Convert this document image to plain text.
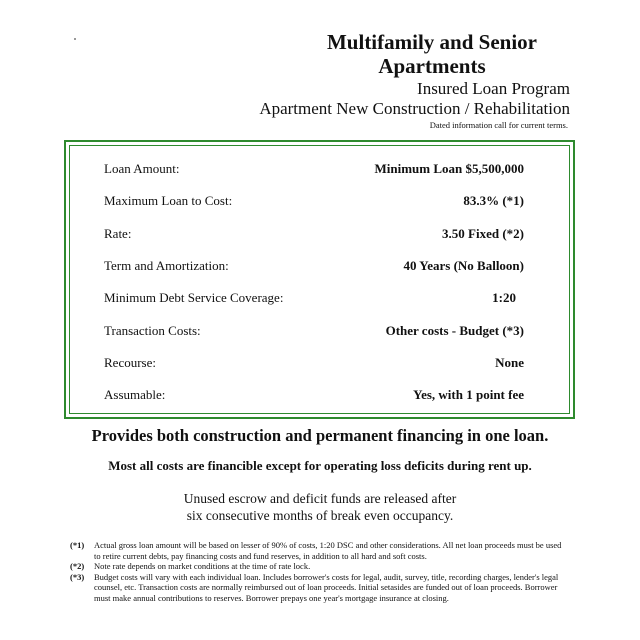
Multifamily and Senior
Apartments
Insured Loan Program
Apartment New Construction / Rehabilitation
Dated information call for current terms.
Loan Amount:	Minimum Loan $5,500,000
Maximum Loan to Cost:	83.3% (*1)
Rate:	3.50 Fixed (*2)
Term and Amortization:	40 Years (No Balloon)
Minimum Debt Service Coverage:	1:20
Transaction Costs:	Other costs - Budget (*3)
Recourse:	None
Assumable:	Yes, with 1 point fee
Provides both construction and permanent financing in one loan.
Most all costs are financible except for operating loss deficits during rent up.
Unused escrow and deficit funds are released after
six consecutive months of break even occupancy.
(*1) Actual gross loan amount will be based on lesser of 90% of costs, 1:20 DSC and other considerations. All net loan proceeds must be used to retire current debts, pay financing costs and fund reserves, in addition to all hard and soft costs.
(*2) Note rate depends on market conditions at the time of rate lock.
(*3) Budget costs will vary with each individual loan. Includes borrower's costs for legal, audit, survey, title, recording charges, lender's legal counsel, etc. Transaction costs are normally reimbursed out of loan proceeds. Initial setasides are funded out of loan proceeds. Borrower must make annual contributions to reserves. Borrower prepays one year's mortgage insurance at closing.
